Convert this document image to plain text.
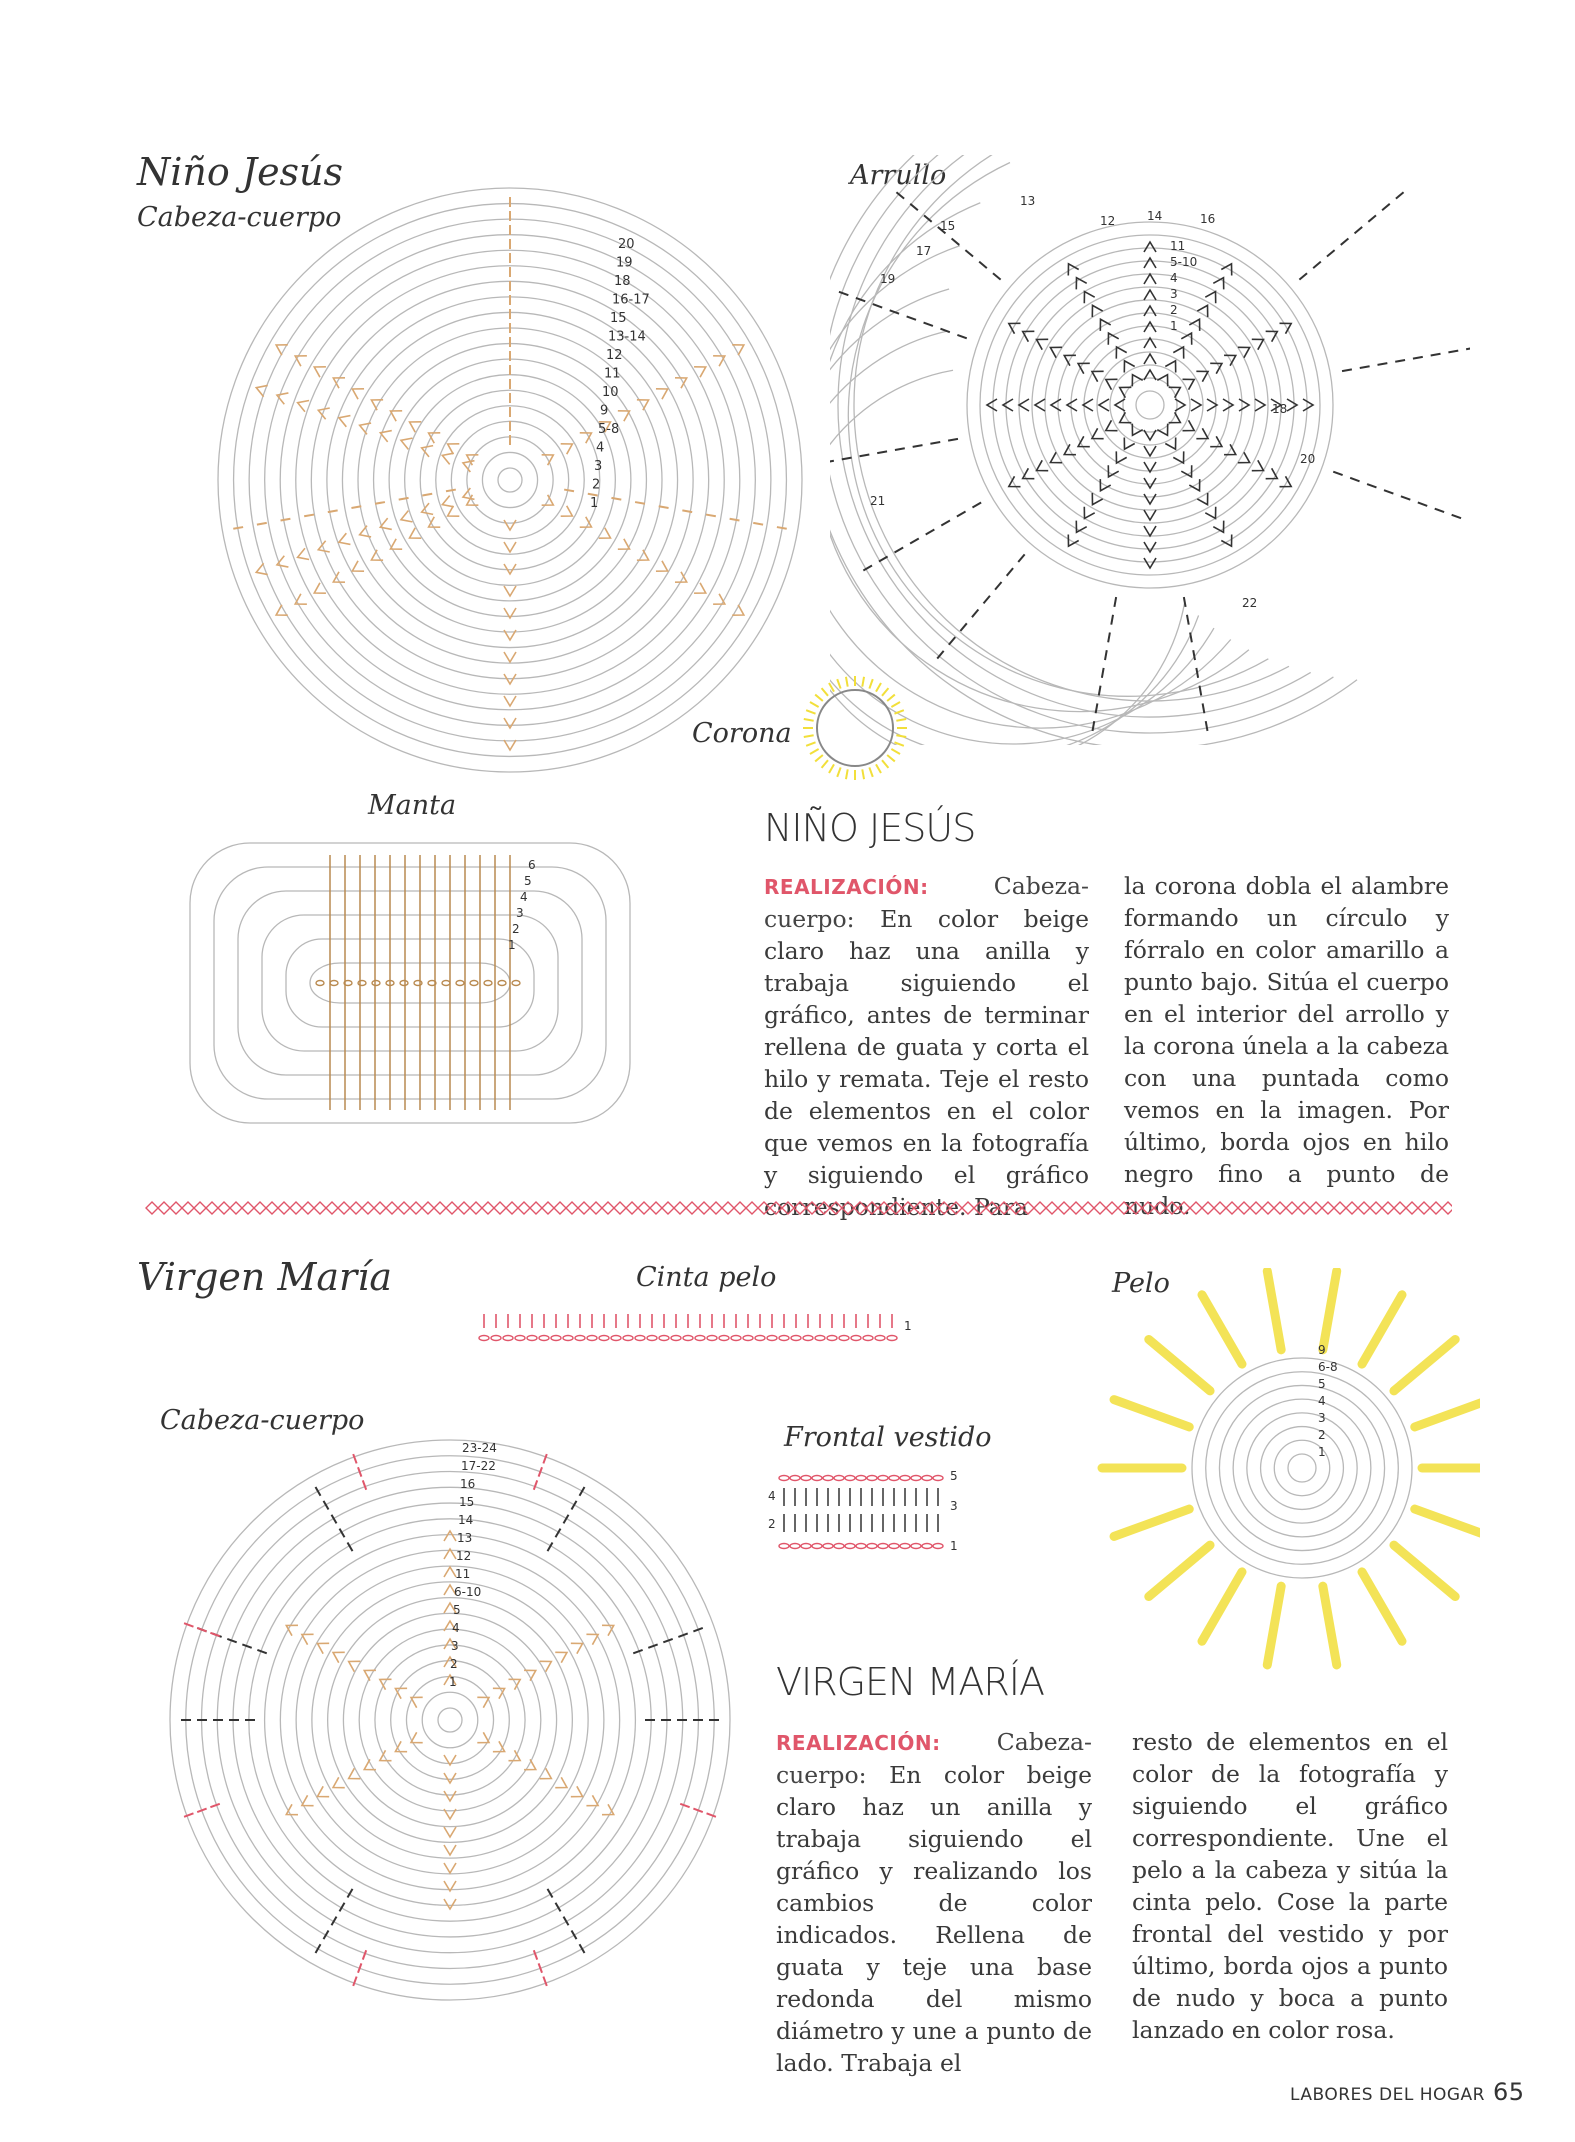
Niño Jesús
Cabeza-cuerpo
20
19
18
16-17
15
13-14
12
11
10
9
5-8
4
3
2
1
Arrullo
11
5-10
4
3
2
1
12
13
14
15	16
17
18
19
20
21
22
Corona
Manta
6
5
4
3
2
1
NIÑO JESÚS
REALIZACIÓN:	Cabeza-cuerpo: En color beige claro haz una anilla y trabaja siguiendo el gráfico, antes de terminar rellena de guata y corta el hilo y remata. Teje el resto de elementos en el color que vemos en la fotografía y siguiendo el gráfico correspondiente. Para
la corona dobla el alambre formando un círculo y fórralo en color amarillo a punto bajo. Sitúa el cuerpo en el interior del arrollo y la corona únela a la cabeza con una puntada como vemos en la imagen. Por último, borda ojos en hilo negro fino a punto de nudo.
Virgen María	Cinta pelo
1
Pelo
9
6-8
5
4
3
2
1
Cabeza-cuerpo
23-24
17-22
16
15
14
13
12
11
6-10
5
4
3
2
1
Frontal vestido
5
3
1
4
2
VIRGEN MARÍA
REALIZACIÓN: Cabeza-cuerpo: En color beige claro haz un anilla y trabaja siguiendo el gráfico y realizando los cambios de color indicados. Rellena de guata y teje una base redonda del mismo diámetro y une a punto de lado. Trabaja el
resto de elementos en el color de la fotografía y siguiendo el gráfico correspondiente. Une el pelo a la cabeza y sitúa la cinta pelo. Cose la parte frontal del vestido y por último, borda ojos a punto de nudo y boca a punto lanzado en color rosa.
LABORES DEL HOGAR 65
